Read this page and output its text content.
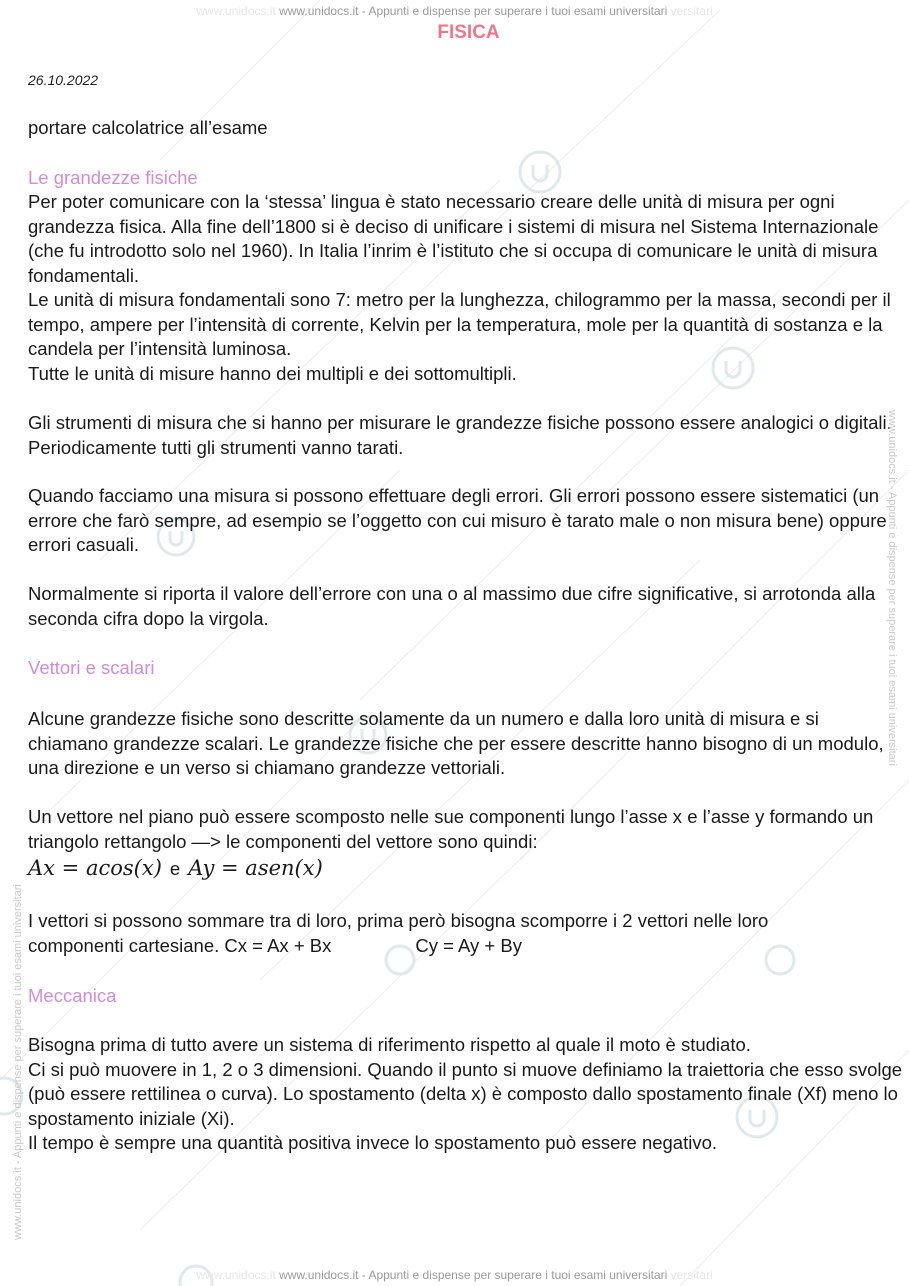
www.unidocs.it www.unidocs.it - Appunti e dispense per superare i tuoi esami universitari versitari
FISICA
26.10.2022
portare calcolatrice all’esame
Le grandezze fisiche
Per poter comunicare con la ‘stessa’ lingua è stato necessario creare delle unità di misura per ogni grandezza fisica. Alla fine dell’1800 si è deciso di unificare i sistemi di misura nel Sistema Internazionale (che fu introdotto solo nel 1960). In Italia l’inrim è l’istituto che si occupa di comunicare le unità di misura fondamentali.
Le unità di misura fondamentali sono 7: metro per la lunghezza, chilogrammo per la massa, secondi per il tempo, ampere per l’intensità di corrente, Kelvin per la temperatura, mole per la quantità di sostanza e la candela per l’intensità luminosa.
Tutte le unità di misure hanno dei multipli e dei sottomultipli.
Gli strumenti di misura che si hanno per misurare le grandezze fisiche possono essere analogici o digitali. Periodicamente tutti gli strumenti vanno tarati.
Quando facciamo una misura si possono effettuare degli errori. Gli errori possono essere sistematici (un errore che farò sempre, ad esempio se l’oggetto con cui misuro è tarato male o non misura bene) oppure errori casuali.
Normalmente si riporta il valore dell’errore con una o al massimo due cifre significative, si arrotonda alla seconda cifra dopo la virgola.
Vettori e scalari
Alcune grandezze fisiche sono descritte solamente da un numero e dalla loro unità di misura e si chiamano grandezze scalari. Le grandezze fisiche che per essere descritte hanno bisogno di un modulo, una direzione e un verso si chiamano grandezze vettoriali.
Un vettore nel piano può essere scomposto nelle sue componenti lungo l’asse x e l’asse y formando un triangolo rettangolo —> le componenti del vettore sono quindi:
Ax = acos(x) e Ay = asen(x)
I vettori si possono sommare tra di loro, prima però bisogna scomporre i 2 vettori nelle loro
componenti cartesiane. Cx = Ax + Bx	Cy = Ay + By
Meccanica
Bisogna prima di tutto avere un sistema di riferimento rispetto al quale il moto è studiato.
Ci si può muovere in 1, 2 o 3 dimensioni. Quando il punto si muove definiamo la traiettoria che esso svolge (può essere rettilinea o curva). Lo spostamento (delta x) è composto dallo spostamento finale (Xf) meno lo spostamento iniziale (Xi).
Il tempo è sempre una quantità positiva invece lo spostamento può essere negativo.
www.unidocs.it - Appunti e dispense per superare i tuoi esami universitari
www.unidocs.it - Appunti e dispense per superare i tuoi esami universitari
www.unidocs.it www.unidocs.it - Appunti e dispense per superare i tuoi esami universitari versitari
